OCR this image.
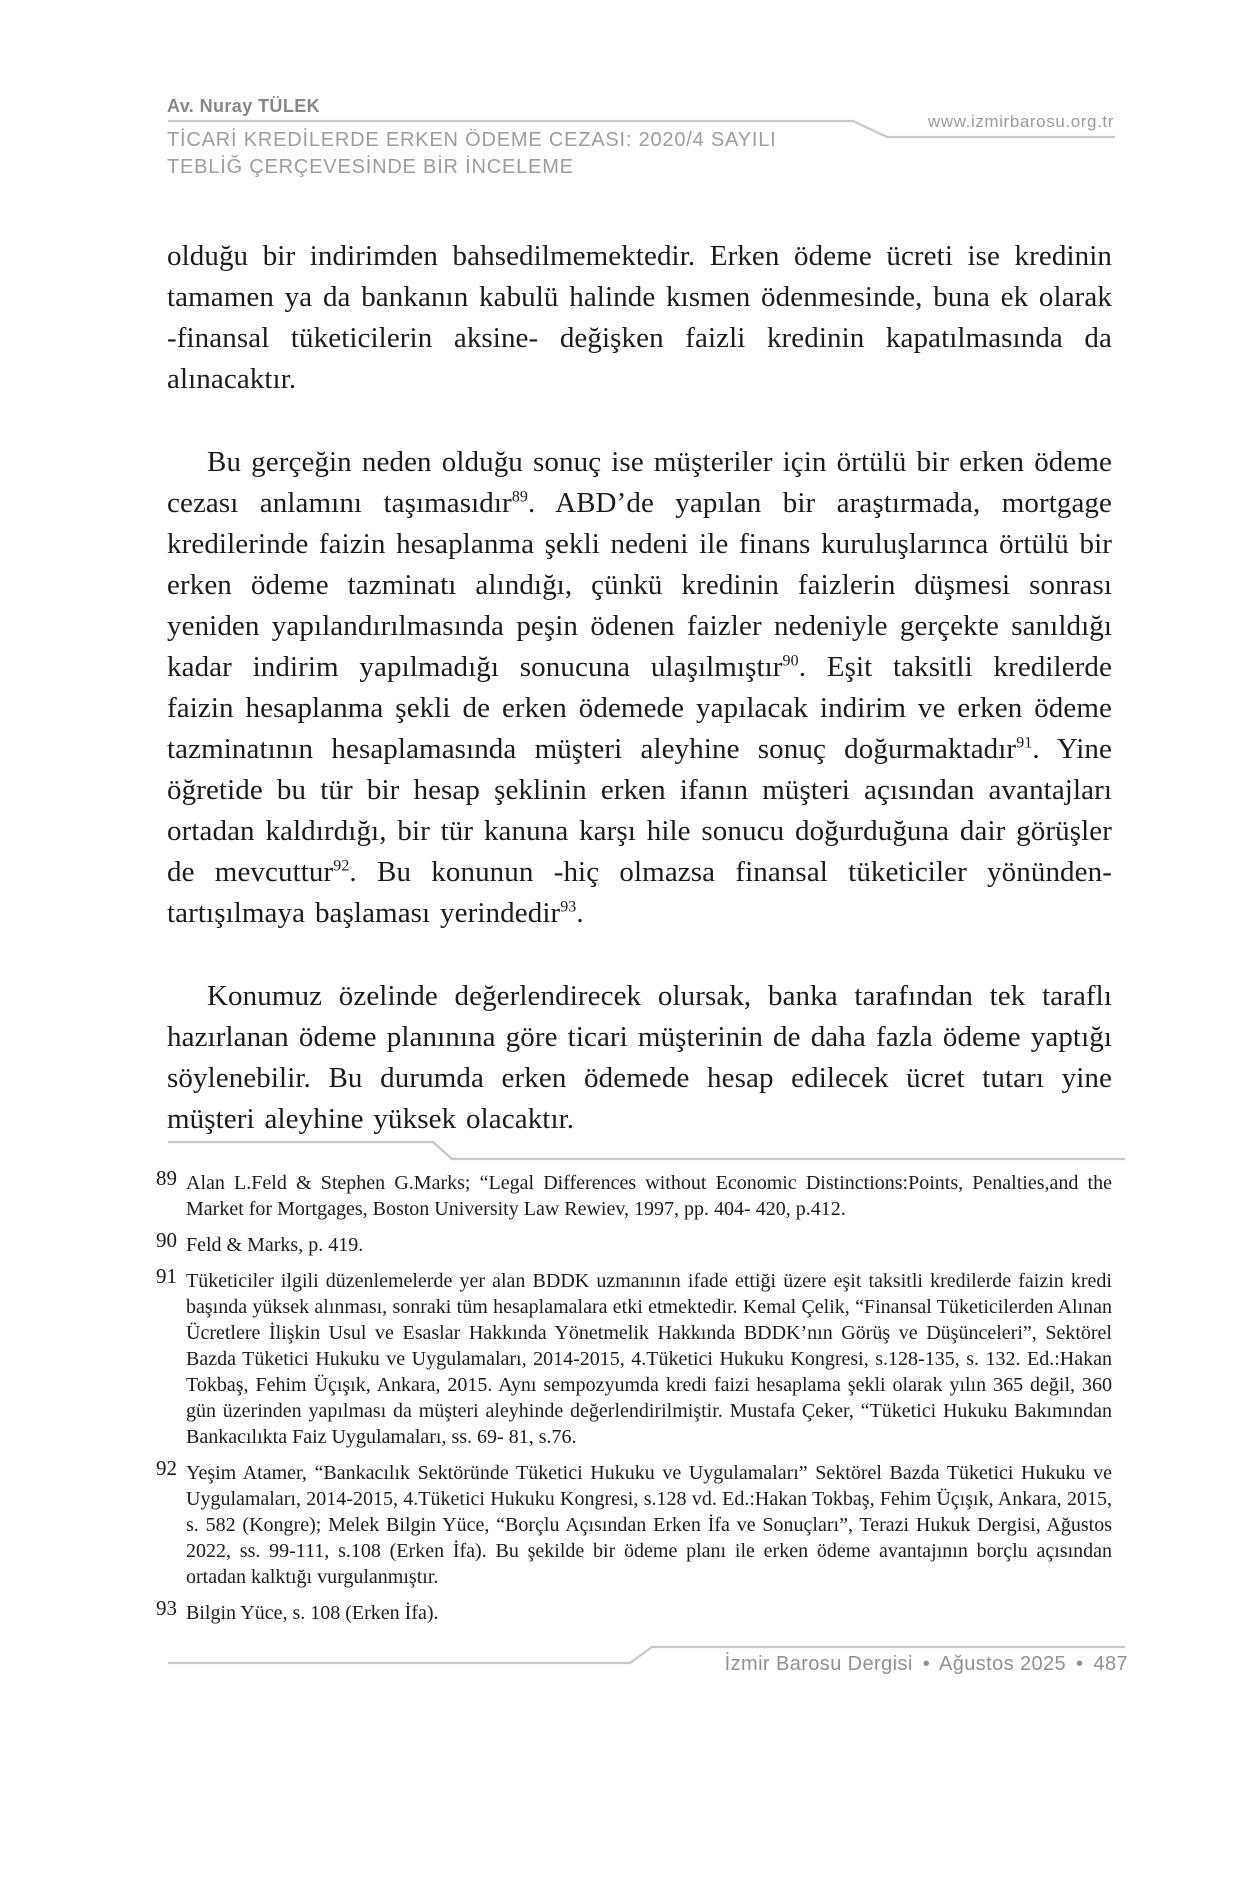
Av. Nuray TÜLEK
www.izmirbarosu.org.tr
TİCARİ KREDİLERDE ERKEN ÖDEME CEZASI: 2020/4 SAYILI
TEBLİĞ ÇERÇEVESİNDE BİR İNCELEME

olduğu bir indirimden bahsedilmemektedir. Erken ödeme ücreti ise kredinin tamamen ya da bankanın kabulü halinde kısmen ödenmesinde, buna ek olarak -finansal tüketicilerin aksine- değişken faizli kredinin kapatılmasında da alınacaktır.

Bu gerçeğin neden olduğu sonuç ise müşteriler için örtülü bir erken ödeme cezası anlamını taşımasıdır$^{89}$. ABD’de yapılan bir araştırmada, mortgage kredilerinde faizin hesaplanma şekli nedeni ile finans kuruluşlarınca örtülü bir erken ödeme tazminatı alındığı, çünkü kredinin faizlerin düşmesi sonrası yeniden yapılandırılmasında peşin ödenen faizler nedeniyle gerçekte sanıldığı kadar indirim yapılmadığı sonucuna ulaşılmıştır$^{90}$. Eşit taksitli kredilerde faizin hesaplanma şekli de erken ödemede yapılacak indirim ve erken ödeme tazminatının hesaplamasında müşteri aleyhine sonuç doğurmaktadır$^{91}$. Yine öğretide bu tür bir hesap şeklinin erken ifanın müşteri açısından avantajları ortadan kaldırdığı, bir tür kanuna karşı hile sonucu doğurduğuna dair görüşler de mevcuttur$^{92}$. Bu konunun -hiç olmazsa finansal tüketiciler yönünden- tartışılmaya başlaması yerindedir$^{93}$.

Konumuz özelinde değerlendirecek olursak, banka tarafından tek taraflı hazırlanan ödeme planınına göre ticari müşterinin de daha fazla ödeme yaptığı söylenebilir. Bu durumda erken ödemede hesap edilecek ücret tutarı yine müşteri aleyhine yüksek olacaktır.

89 Alan L.Feld & Stephen G.Marks; “Legal Differences without Economic Distinctions:Points, Penalties,and the Market for Mortgages, Boston University Law Rewiev, 1997, pp. 404- 420, p.412.
90 Feld & Marks, p. 419.
91 Tüketiciler ilgili düzenlemelerde yer alan BDDK uzmanının ifade ettiği üzere eşit taksitli kredilerde faizin kredi başında yüksek alınması, sonraki tüm hesaplamalara etki etmektedir. Kemal Çelik, “Finansal Tüketicilerden Alınan Ücretlere İlişkin Usul ve Esaslar Hakkında Yönetmelik Hakkında BDDK’nın Görüş ve Düşünceleri”, Sektörel Bazda Tüketici Hukuku ve Uygulamaları, 2014-2015, 4.Tüketici Hukuku Kongresi, s.128-135, s. 132. Ed.:Hakan Tokbaş, Fehim Üçışık, Ankara, 2015. Aynı sempozyumda kredi faizi hesaplama şekli olarak yılın 365 değil, 360 gün üzerinden yapılması da müşteri aleyhinde değerlendirilmiştir. Mustafa Çeker, “Tüketici Hukuku Bakımından Bankacılıkta Faiz Uygulamaları, ss. 69- 81, s.76.
92 Yeşim Atamer, “Bankacılık Sektöründe Tüketici Hukuku ve Uygulamaları” Sektörel Bazda Tüketici Hukuku ve Uygulamaları, 2014-2015, 4.Tüketici Hukuku Kongresi, s.128 vd. Ed.:Hakan Tokbaş, Fehim Üçışık, Ankara, 2015, s. 582 (Kongre); Melek Bilgin Yüce, “Borçlu Açısından Erken İfa ve Sonuçları”, Terazi Hukuk Dergisi, Ağustos 2022, ss. 99-111, s.108 (Erken İfa). Bu şekilde bir ödeme planı ile erken ödeme avantajının borçlu açısından ortadan kalktığı vurgulanmıştır.
93 Bilgin Yüce, s. 108 (Erken İfa).
İzmir Barosu Dergisi • Ağustos 2025 • 487
